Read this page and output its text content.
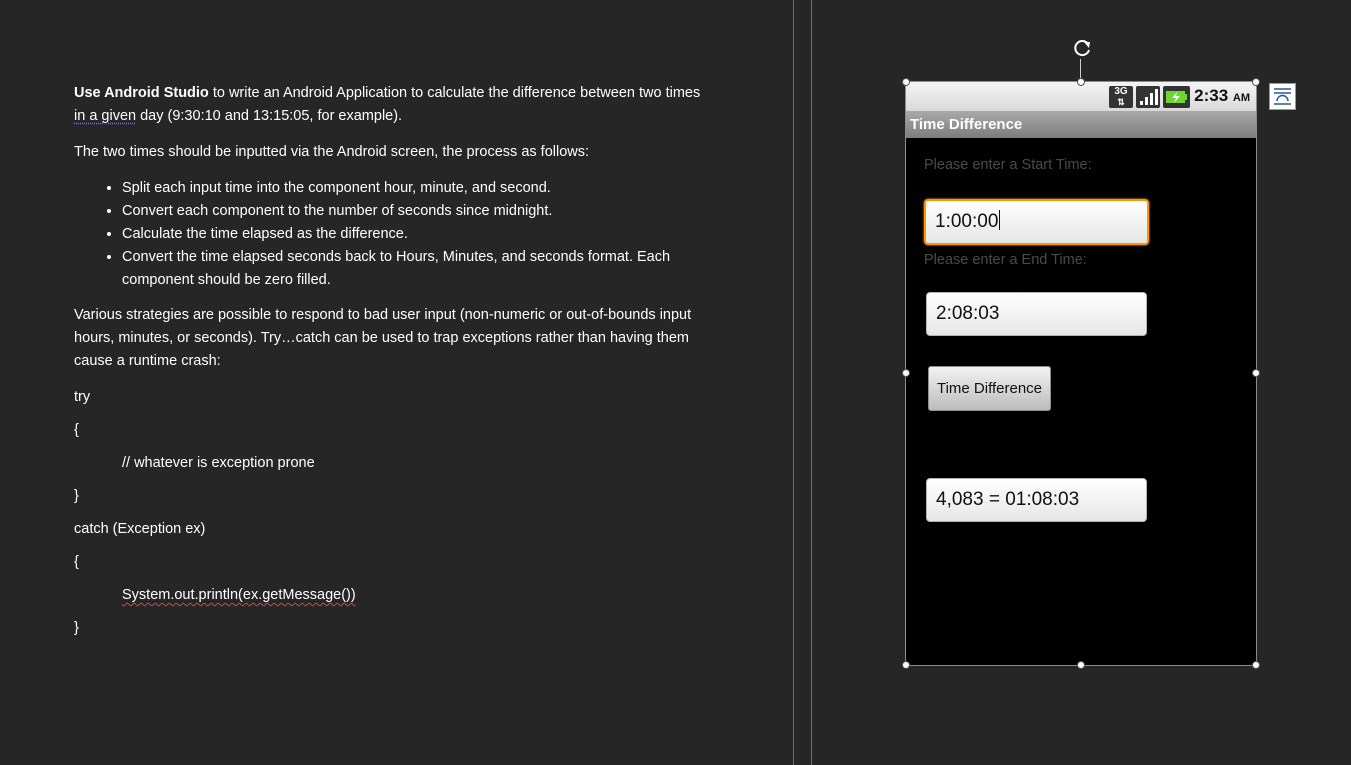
Use Android Studio to write an Android Application to calculate the difference between two times in a given day (9:30:10 and 13:15:05, for example).

The two times should be inputted via the Android screen, the process as follows:

• Split each input time into the component hour, minute, and second.
• Convert each component to the number of seconds since midnight.
• Calculate the time elapsed as the difference.
• Convert the time elapsed seconds back to Hours, Minutes, and seconds format. Each component should be zero filled.

Various strategies are possible to respond to bad user input (non-numeric or out-of-bounds input hours, minutes, or seconds). Try…catch can be used to trap exceptions rather than having them cause a runtime crash:

try

{

// whatever is exception prone

}

catch (Exception ex)

{

System.out.println(ex.getMessage())

}

3G
⇅	2:33 AM
Time Difference
Please enter a Start Time:
1:00:00
Please enter a End Time:
2:08:03
Time Difference
4,083 = 01:08:03
